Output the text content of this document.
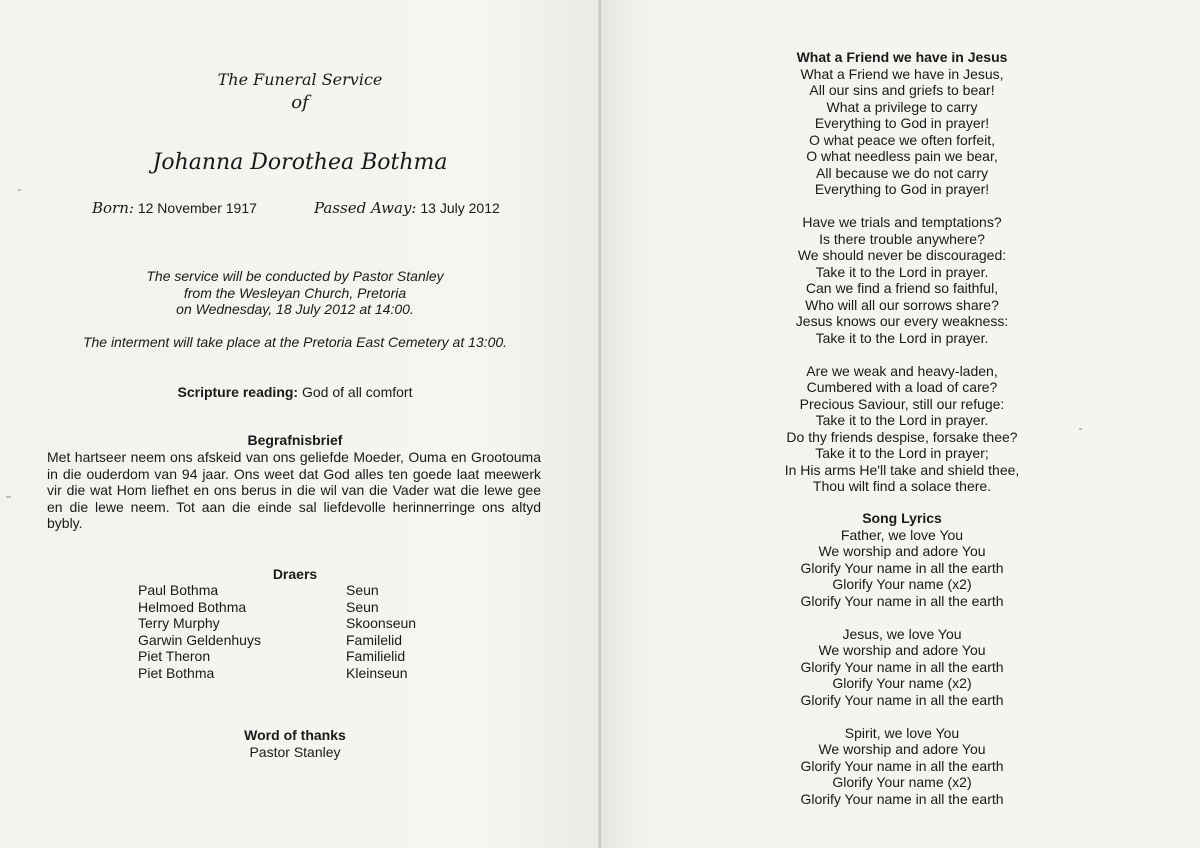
The Funeral Service
of
Johanna Dorothea Bothma
Born: 12 November 1917	Passed Away: 13 July 2012
The service will be conducted by Pastor Stanley
from the Wesleyan Church, Pretoria
on Wednesday, 18 July 2012 at 14:00.
The interment will take place at the Pretoria East Cemetery at 13:00.
Scripture reading: God of all comfort
Begrafnisbrief
Met hartseer neem ons afskeid van ons geliefde Moeder, Ouma en Grootouma in die ouderdom van 94 jaar. Ons weet dat God alles ten goede laat meewerk vir die wat Hom liefhet en ons berus in die wil van die Vader wat die lewe gee en die lewe neem. Tot aan die einde sal liefdevolle herinnerringe ons altyd bybly.
Draers
Paul Bothma	Seun
Helmoed Bothma	Seun
Terry Murphy	Skoonseun
Garwin Geldenhuys	Familelid
Piet Theron	Familielid
Piet Bothma	Kleinseun
Word of thanks
Pastor Stanley
What a Friend we have in Jesus
What a Friend we have in Jesus,
All our sins and griefs to bear!
What a privilege to carry
Everything to God in prayer!
O what peace we often forfeit,
O what needless pain we bear,
All because we do not carry
Everything to God in prayer!
Have we trials and temptations?
Is there trouble anywhere?
We should never be discouraged:
Take it to the Lord in prayer.
Can we find a friend so faithful,
Who will all our sorrows share?
Jesus knows our every weakness:
Take it to the Lord in prayer.
Are we weak and heavy-laden,
Cumbered with a load of care?
Precious Saviour, still our refuge:
Take it to the Lord in prayer.
Do thy friends despise, forsake thee?
Take it to the Lord in prayer;
In His arms He'll take and shield thee,
Thou wilt find a solace there.
Song Lyrics
Father, we love You
We worship and adore You
Glorify Your name in all the earth
Glorify Your name (x2)
Glorify Your name in all the earth
Jesus, we love You
We worship and adore You
Glorify Your name in all the earth
Glorify Your name (x2)
Glorify Your name in all the earth
Spirit, we love You
We worship and adore You
Glorify Your name in all the earth
Glorify Your name (x2)
Glorify Your name in all the earth
